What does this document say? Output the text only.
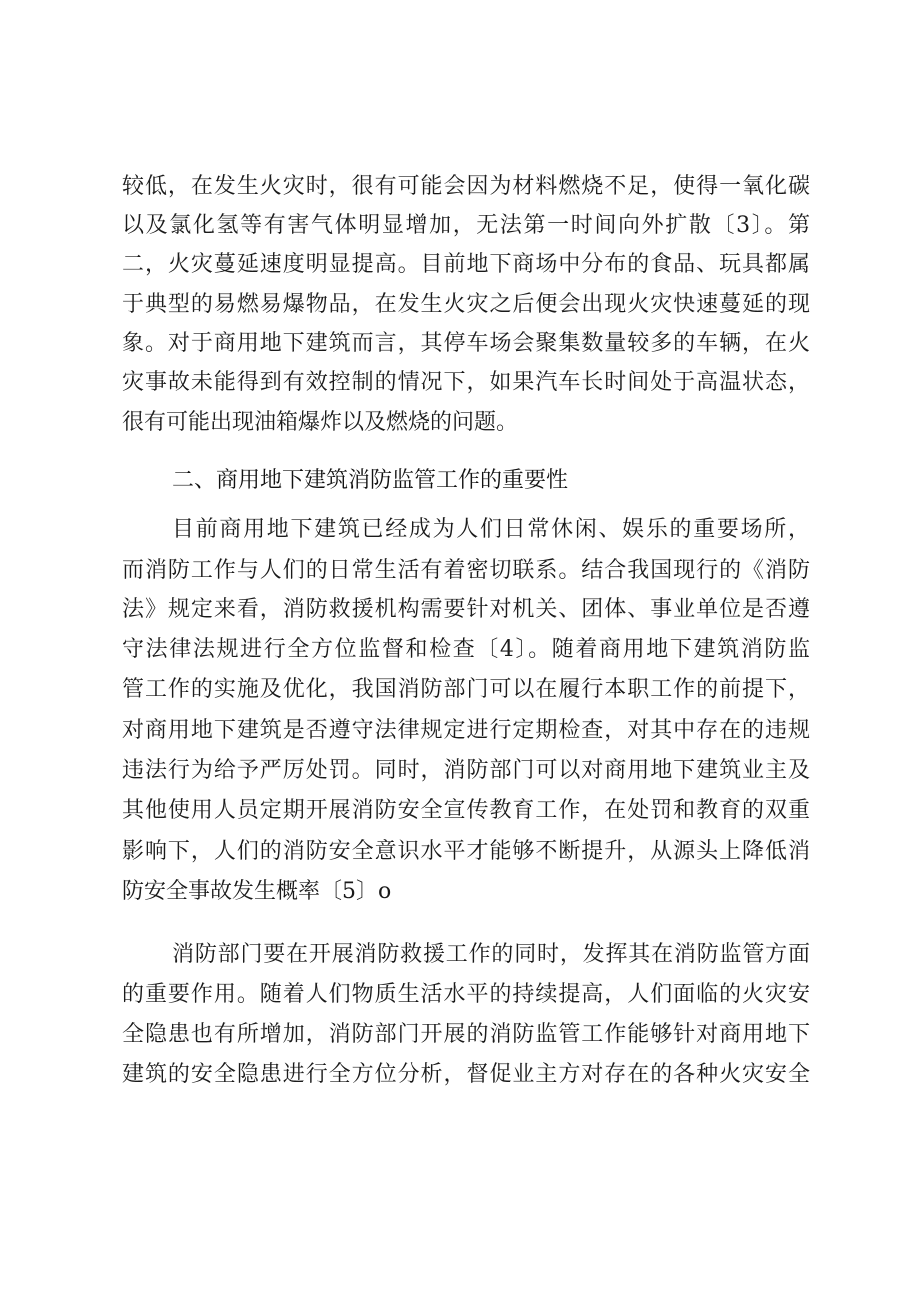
较低，在发生火灾时，很有可能会因为材料燃烧不足，使得一氧化碳
以及氯化氢等有害气体明显增加，无法第一时间向外扩散〔3〕。第
二，火灾蔓延速度明显提高。目前地下商场中分布的食品、玩具都属
于典型的易燃易爆物品，在发生火灾之后便会出现火灾快速蔓延的现
象。对于商用地下建筑而言，其停车场会聚集数量较多的车辆，在火
灾事故未能得到有效控制的情况下，如果汽车长时间处于高温状态，
很有可能出现油箱爆炸以及燃烧的问题。
二、商用地下建筑消防监管工作的重要性
目前商用地下建筑已经成为人们日常休闲、娱乐的重要场所，
而消防工作与人们的日常生活有着密切联系。结合我国现行的《消防
法》规定来看，消防救援机构需要针对机关、团体、事业单位是否遵
守法律法规进行全方位监督和检查〔4〕。随着商用地下建筑消防监
管工作的实施及优化，我国消防部门可以在履行本职工作的前提下，
对商用地下建筑是否遵守法律规定进行定期检查，对其中存在的违规
违法行为给予严厉处罚。同时，消防部门可以对商用地下建筑业主及
其他使用人员定期开展消防安全宣传教育工作，在处罚和教育的双重
影响下，人们的消防安全意识水平才能够不断提升，从源头上降低消
防安全事故发生概率〔5〕o
消防部门要在开展消防救援工作的同时，发挥其在消防监管方面
的重要作用。随着人们物质生活水平的持续提高，人们面临的火灾安
全隐患也有所增加，消防部门开展的消防监管工作能够针对商用地下
建筑的安全隐患进行全方位分析，督促业主方对存在的各种火灾安全
